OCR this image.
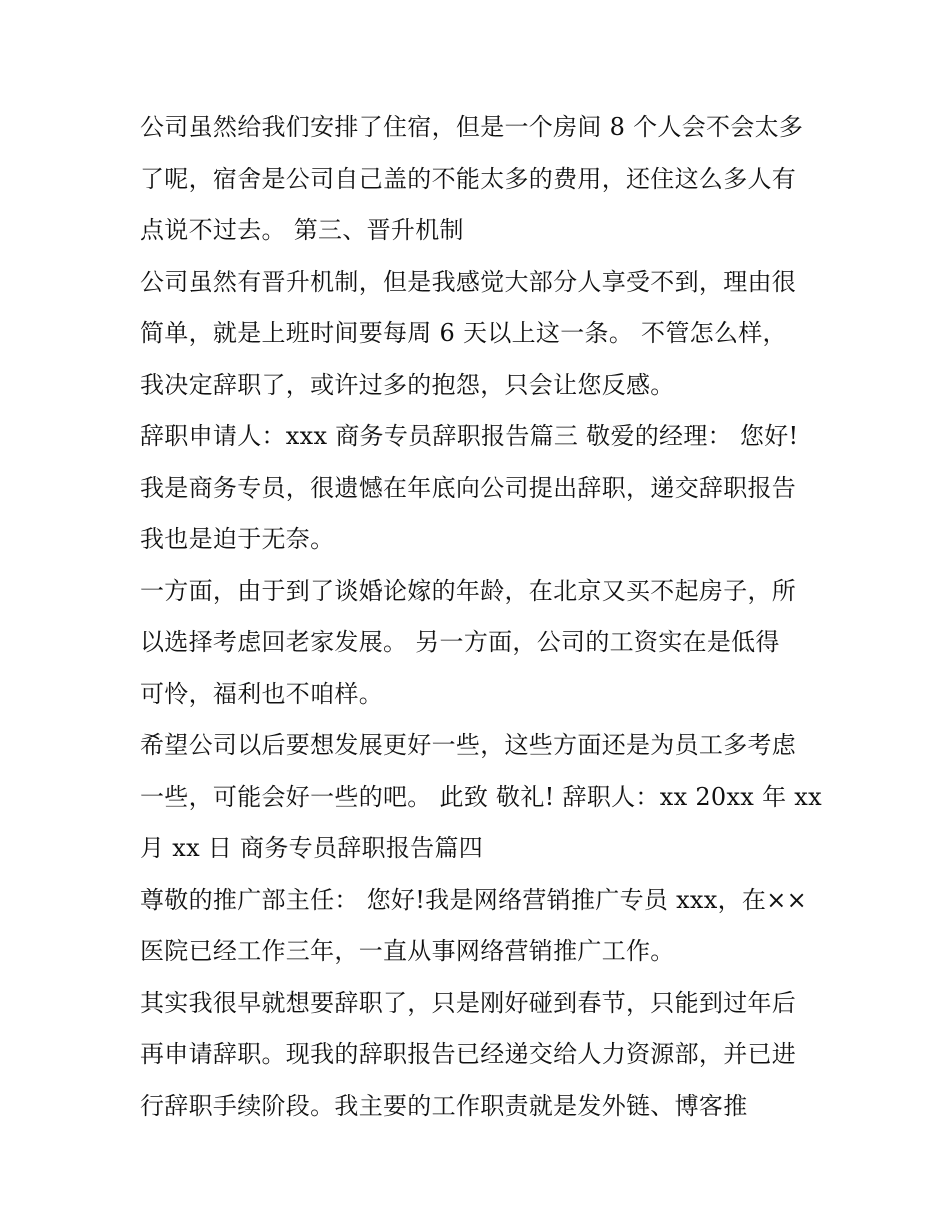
公司虽然给我们安排了住宿，但是一个房间 8 个人会不会太多
了呢，宿舍是公司自己盖的不能太多的费用，还住这么多人有
点说不过去。 第三、晋升机制
公司虽然有晋升机制，但是我感觉大部分人享受不到，理由很
简单，就是上班时间要每周 6 天以上这一条。 不管怎么样，
我决定辞职了，或许过多的抱怨，只会让您反感。
辞职申请人：xxx 商务专员辞职报告篇三 敬爱的经理： 您好!
我是商务专员，很遗憾在年底向公司提出辞职，递交辞职报告
我也是迫于无奈。
一方面，由于到了谈婚论嫁的年龄，在北京又买不起房子，所
以选择考虑回老家发展。 另一方面，公司的工资实在是低得
可怜，福利也不咱样。
希望公司以后要想发展更好一些，这些方面还是为员工多考虑
一些，可能会好一些的吧。 此致 敬礼! 辞职人：xx 20xx 年 xx
月 xx 日 商务专员辞职报告篇四
尊敬的推广部主任： 您好!我是网络营销推广专员 xxx，在××
医院已经工作三年，一直从事网络营销推广工作。
其实我很早就想要辞职了，只是刚好碰到春节，只能到过年后
再申请辞职。现我的辞职报告已经递交给人力资源部，并已进
行辞职手续阶段。我主要的工作职责就是发外链、博客推
